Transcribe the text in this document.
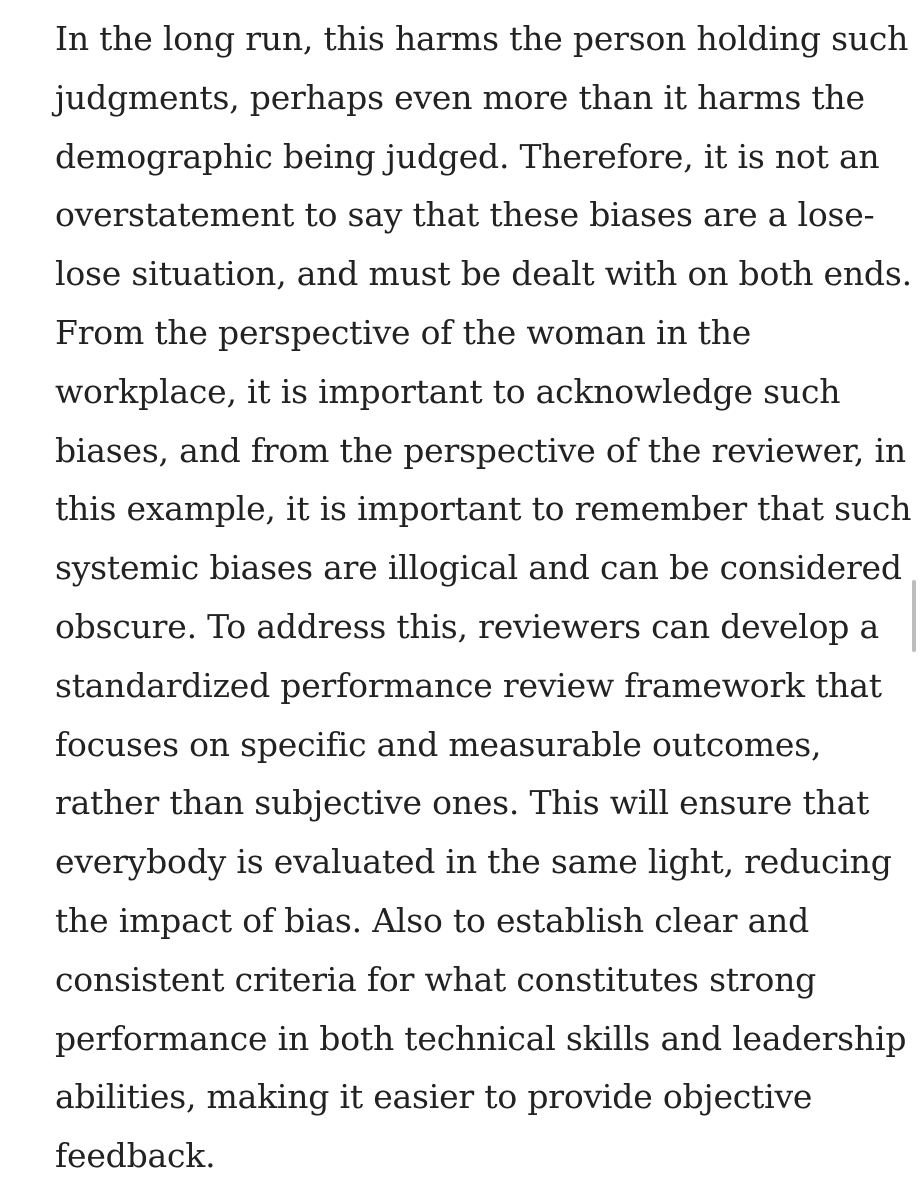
In the long run, this harms the person holding such
judgments, perhaps even more than it harms the
demographic being judged. Therefore, it is not an
overstatement to say that these biases are a lose-
lose situation, and must be dealt with on both ends.
From the perspective of the woman in the
workplace, it is important to acknowledge such
biases, and from the perspective of the reviewer, in
this example, it is important to remember that such
systemic biases are illogical and can be considered
obscure. To address this, reviewers can develop a
standardized performance review framework that
focuses on specific and measurable outcomes,
rather than subjective ones. This will ensure that
everybody is evaluated in the same light, reducing
the impact of bias. Also to establish clear and
consistent criteria for what constitutes strong
performance in both technical skills and leadership
abilities, making it easier to provide objective
feedback.
